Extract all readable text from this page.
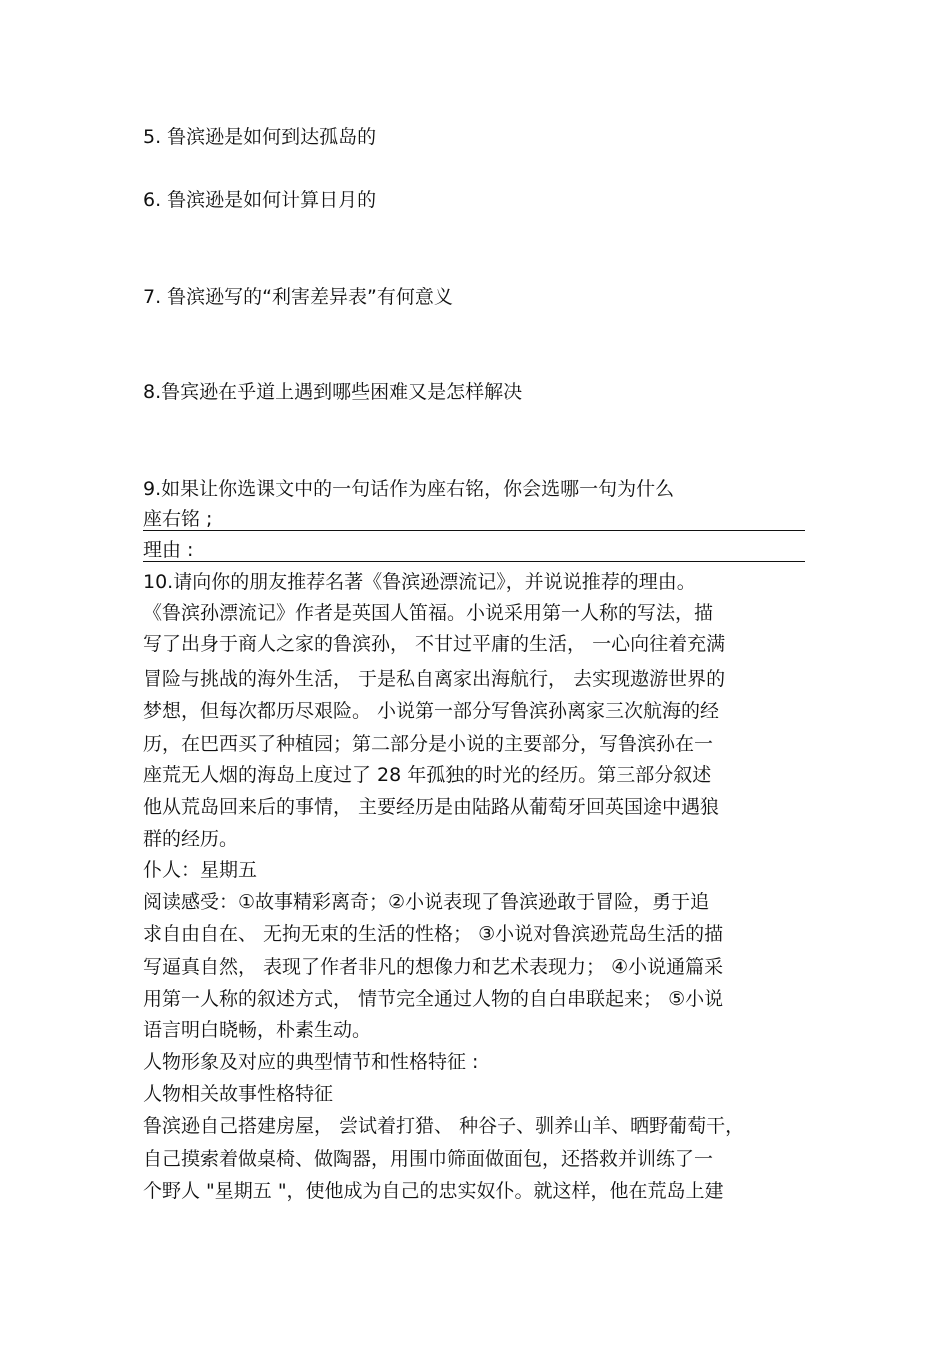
5. 鲁滨逊是如何到达孤岛的
6. 鲁滨逊是如何计算日月的
7. 鲁滨逊写的“利害差异表”有何意义
8.鲁宾逊在乎道上遇到哪些困难又是怎样解决
9.如果让你选课文中的一句话作为座右铭，你会选哪一句为什么
座右铭 ;
理由 :
10.请向你的朋友推荐名著《鲁滨逊漂流记》，并说说推荐的理由。
《鲁滨孙漂流记》作者是英国人笛福。小说采用第一人称的写法，描
写了出身于商人之家的鲁滨孙， 不甘过平庸的生活， 一心向往着充满
冒险与挑战的海外生活， 于是私自离家出海航行， 去实现遨游世界的
梦想，但每次都历尽艰险。 小说第一部分写鲁滨孙离家三次航海的经
历，在巴西买了种植园；第二部分是小说的主要部分，写鲁滨孙在一
座荒无人烟的海岛上度过了 28 年孤独的时光的经历。第三部分叙述
他从荒岛回来后的事情， 主要经历是由陆路从葡萄牙回英国途中遇狼
群的经历。
仆人：星期五
阅读感受：①故事精彩离奇；②小说表现了鲁滨逊敢于冒险，勇于追
求自由自在、 无拘无束的生活的性格； ③小说对鲁滨逊荒岛生活的描
写逼真自然， 表现了作者非凡的想像力和艺术表现力； ④小说通篇采
用第一人称的叙述方式， 情节完全通过人物的自白串联起来； ⑤小说
语言明白晓畅，朴素生动。
人物形象及对应的典型情节和性格特征 :
人物相关故事性格特征
鲁滨逊自己搭建房屋， 尝试着打猎、 种谷子、驯养山羊、晒野葡萄干，
自己摸索着做桌椅、做陶器，用围巾筛面做面包，还搭救并训练了一
个野人 "星期五 "，使他成为自己的忠实奴仆。就这样，他在荒岛上建
